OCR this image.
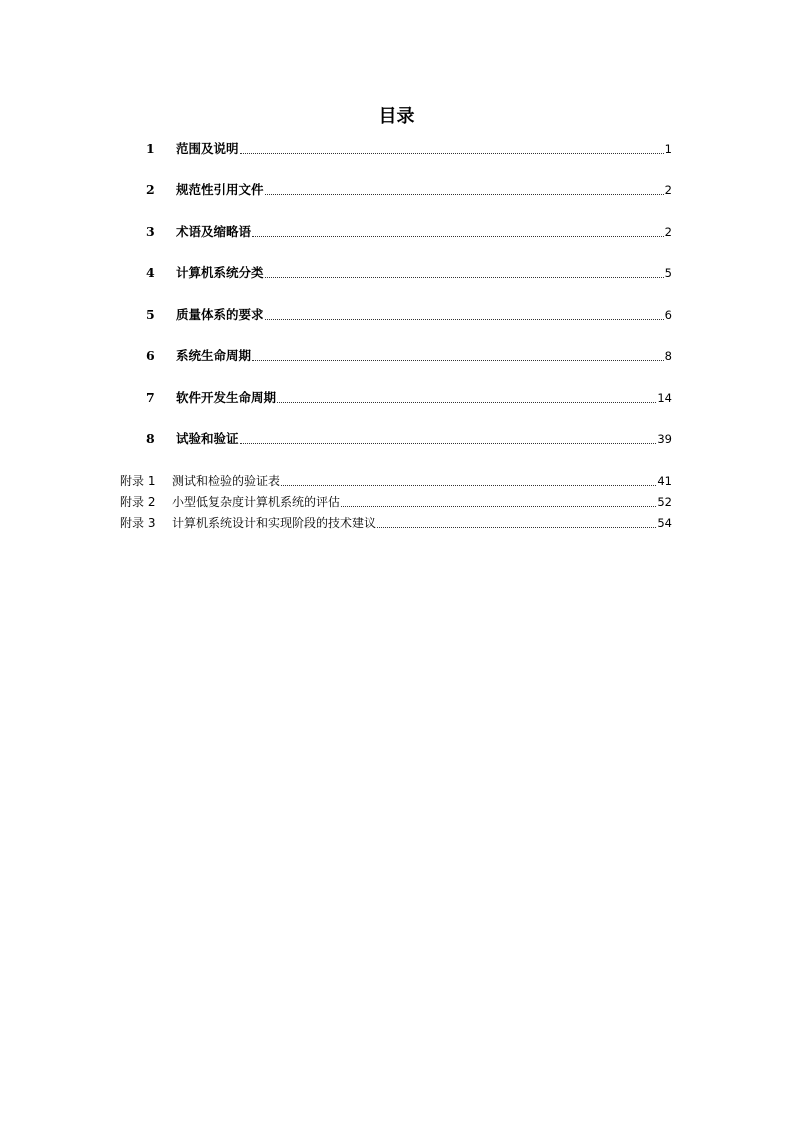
目录
1	范围及说明	1
2	规范性引用文件	2
3	术语及缩略语	2
4	计算机系统分类	5
5	质量体系的要求	6
6	系统生命周期	8
7	软件开发生命周期	14
8	试验和验证	39
附录 1	测试和检验的验证表	41
附录 2	小型低复杂度计算机系统的评估	52
附录 3	计算机系统设计和实现阶段的技术建议	54
